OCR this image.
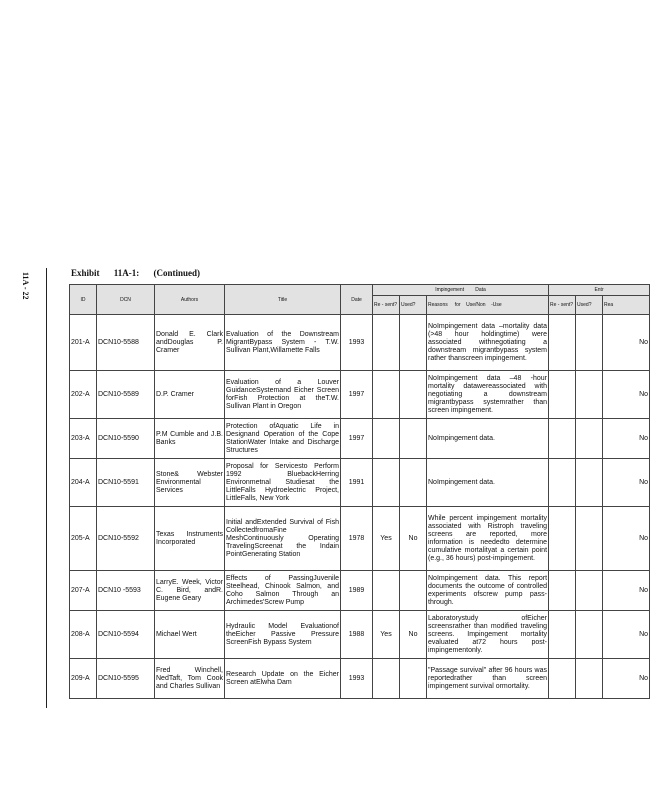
11A - 22	Exhibit 11A-1: (Continued)
ID	DCN	Authors	Title	Date	Impingement Data			Entr		
					Re - sent?	Used?	Reasons for Use/Non -Use	Re - sent?	Used?	Rea
201-A	DCN10-5588	Donald E. Clark andDouglas P. Cramer	Evaluation of the Downstream MigrantBypass System - T.W. Sullivan Plant,Willamette Falls	1993			NoImpingement data –mortality data (>48 hour holdingtime) were associated withnegotiating a downstream migrantbypass system rather thanscreen impingement.			No
202-A	DCN10-5589	D.P. Cramer	Evaluation of a Louver GuidanceSystemand Eicher Screen forFish Protection at theT.W. Sullivan Plant in Oregon	1997			NoImpingement data –48 -hour mortality datawereassociated with negotiating a downstream migrantbypass systemrather than screen impingement.			No
203-A	DCN10-5590	P.M Cumble and J.B. Banks	Protection ofAquatic Life in Designand Operation of the Cope StationWater Intake and Discharge Structures	1997			NoImpingement data.			No
204-A	DCN10-5591	Stone& Webster Environmental Services	Proposal for Servicesto Perform 1992 BluebackHerring Environmetnal Studiesat the LittleFalls Hydroelectric Project, LittleFalls, New York	1991			NoImpingement data.			No
205-A	DCN10-5592	Texas Instruments Incorporated	Initial andExtended Survival of Fish CollectedfromaFine MeshContinuously Operating TravelingScreenat the Indain PointGenerating Station	1978	Yes	No	While percent impingement mortality associated with Ristroph traveling screens are reported, more information is neededto determine cumulative mortalityat a certain point (e.g., 36 hours) post-impingement.			No
207-A	DCN10 -5593	LarryE. Week, Victor C. Bird, andR. Eugene Geary	Effects of PassingJuvenile Steelhead, Chinook Salmon, and Coho Salmon Through an Archimedes'Screw Pump	1989			NoImpingement data. This report documents the outcome of controlled experiments ofscrew pump pass-through.			No
208-A	DCN10-5594	Michael Wert	Hydraulic Model Evaluationof theEicher Passive Pressure ScreenFish Bypass System	1988	Yes	No	Laboratorystudy ofEicher screensrather than modified traveling screens. Impingement mortality evaluated at72 hours post-impingementonly.			No
209-A	DCN10-5595	Fred Winchell, NedTaft, Tom Cook and Charles Sullivan	Research Update on the Eicher Screen atElwha Dam	1993			"Passage survival" after 96 hours was reportedrather than screen impingement survival ormortality.			No
